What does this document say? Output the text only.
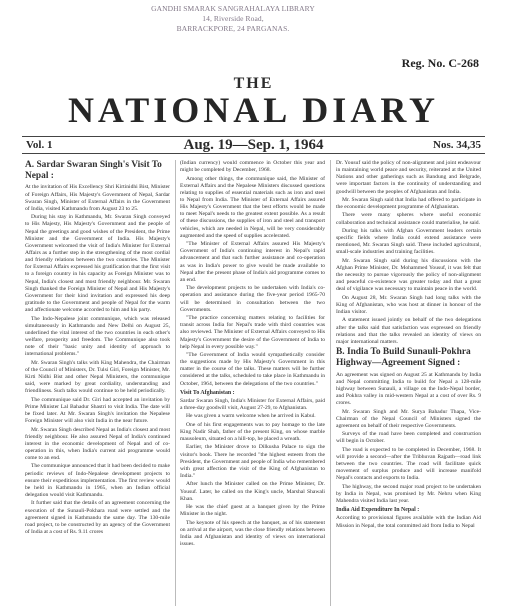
GANDHI SMARAK SANGRAHALAYA LIBRARY
14, Riverside Road,
BARRACKPORE, 24 PARGANAS.
Reg. No. C-268
THE
NATIONAL DIARY
Vol. 1	Aug. 19—Sep. 1, 1964	Nos. 34,35
A. Sardar Swaran Singh's Visit To Nepal :

At the invitation of His Excellency Shri Kirtinidhi Bist, Minister of Foreign Affairs, His Majesty's Government of Nepal, Sardar Swaran Singh, Minister of External Affairs in the Government of India, visited Kathmandu from August 23 to 25.

During his stay in Kathmandu, Mr. Swaran Singh conveyed to His Majesty, His Majesty's Government and the people of Nepal the greetings and good wishes of the President, the Prime Minister and the Government of India. His Majesty's Government welcomed the visit of India's Minister for External Affairs as a further step in the strengthening of the most cordial and friendly relations between the two countries. The Minister for External Affairs expressed his gratification that the first visit to a foreign country in his capacity as Foreign Minister was to Nepal, India's closest and most friendly neighbour. Mr. Swaran Singh thanked the Foreign Minister of Nepal and His Majesty's Government for their kind invitation and expressed his deep gratitude to the Government and people of Nepal for the warm and affectionate welcome accorded to him and his party.

The Indo-Nepalese joint communique, which was released simultaneously in Kathmandu and New Delhi on August 25, underlined the vital interest of the two countries in each other's welfare, prosperity and freedom. The Communique also took note of their "basic unity and identity of approach to international problems."

Mr. Swaran Singh's talks with King Mahendra, the Chairman of the Council of Ministers, Dr. Tulsi Giri, Foreign Minister, Mr. Kirti Nidhi Bist and other Nepal Ministers, the communique said, were marked by great cordiality, understanding and friendliness. Such talks would continue to be held periodically.

The communique said Dr. Giri had accepted an invitation by Prime Minister Lal Bahadur Shastri to visit India. The date will be fixed later. At Mr. Swaran Singh's invitation the Nepalese Foreign Minister will also visit India in the near future.

Mr. Swaran Singh described Nepal as India's closest and most friendly neighbour. He also assured Nepal of India's continued interest in the economic development of Nepal and of co-operation in this, when India's current aid programme would come to an end.

The communique announced that it had been decided to make periodic reviews of Indo-Nepalese development projects to ensure their expeditious implementation. The first review would be held in Kathmandu in 1965, when an Indian official delegation would visit Kathmandu.

It further said that the details of an agreement concerning the execution of the Sunauli-Pokhara road were settled and the agreement signed in Kathmandu the same day. The 130-mile road project, to be constructed by an agency of the Government of India at a cost of Rs. 9.11 crores

(Indian currency) would commence in October this year and might be completed by December, 1968.

Among other things, the communique said, the Minister of External Affairs and the Nepalese Ministers discussed questions relating to supplies of essential materials such as iron and steel to Nepal from India. The Minister of External Affairs assured His Majesty's Government that the best efforts would be made to meet Nepal's needs to the greatest extent possible. As a result of these discussions, the supplies of iron and steel and transport vehicles, which are needed in Nepal, will be very considerably augmented and the speed of supplies accelerated.

"The Minister of External Affairs assured His Majesty's Government of India's continuing interest in Nepal's rapid advancement and that such further assistance and co-operation as was in India's power to give would be made available to Nepal after the present phase of India's aid programme comes to an end.

The development projects to be undertaken with India's co-operation and assistance during the five-year period 1965-70 will be determined in consultation between the two Governments.

"The practice concerning matters relating to facilities for transit across India for Nepal's trade with third countries was also reviewed. The Minister of External Affairs conveyed to His Majesty's Government the desire of the Government of India to help Nepal in every possible way."

"The Government of India would sympathetically consider the suggestions made by His Majesty's Government in this matter in the course of the talks. These matters will be further considered at the talks, scheduled to take place in Kathmandu in October, 1964, between the delegations of the two countries."

Visit To Afghanistan :

Sardar Swaran Singh, India's Minister for External Affairs, paid a three-day goodwill visit, August 27-29, to Afghanistan.

He was given a warm welcome when he arrived in Kabul.

One of his first engagements was to pay homage to the late King Nadir Shah, father of the present King, on whose marble mausoleum, situated on a hill-top, he placed a wreath.

Earlier, the Minister drove to Dilkusha Palace to sign the visitor's book. There he recorded "the highest esteem from the President, the Government and people of India who remembered with great affection the visit of the King of Afghanistan to India."

After lunch the Minister called on the Prime Minister, Dr. Yousuf. Later, he called on the King's uncle, Marshal Shawali Khan.

He was the chief guest at a banquet given by the Prime Minister in the night.

The keynote of his speech at the banquet, as of his statement on arrival at the airport, was the close friendly relations between India and Afghanistan and identity of views on international issues.

Dr. Yousuf said the policy of non-alignment and joint endeavour in maintaining world peace and security, reiterated at the United Nations and other gatherings such as Bandung and Belgrade, were important factors in the continuity of understanding and goodwill between the peoples of Afghanistan and India.

Mr. Swaran Singh said that India had offered to participate in the economic development programme of Afghanistan.

There were many spheres where useful economic collaboration and technical assistance could materialise, he said.

During his talks with Afghan Government leaders certain specific fields where India could extend assistance were mentioned, Mr. Swaran Singh said. These included agricultural, small-scale industries and training facilities.

Mr. Swaran Singh said during his discussions with the Afghan Prime Minister, Dr. Mohammed Yousuf, it was felt that the necessity to pursue vigorously the policy of non-alignment and peaceful co-existence was greater today and that a great deal of vigilance was necessary to maintain peace in the world.

On August 28, Mr. Swaran Singh had long talks with the King of Afghanistan, who was host at dinner in honour of the Indian visitor.

A statement issued jointly on behalf of the two delegations after the talks said that satisfaction was expressed on friendly relations and that the talks revealed an identity of views on major international matters.

B. India To Build Sunauli-Pokhra Highway—Agreement Signed :

An agreement was signed on August 25 at Kathmandu by India and Nepal committing India to build for Nepal a 128-mile highway between Sunauli, a village on the Indo-Nepal border, and Pokhra valley in mid-western Nepal at a cost of over Rs. 9 crores.

Mr. Swaran Singh and Mr. Surya Bahadur Thapa, Vice-Chairman of the Nepal Council of Ministers signed the agreement on behalf of their respective Governments.

Surveys of the road have been completed and construction will begin in October.

The road is expected to be completed in December, 1968. It will provide a second—after the Tribhuvan Rajpath—road link between the two countries. The road will facilitate quick movement of surplus produce and will increase manifold Nepal's contacts and exports to India.

The highway, the second major road project to be undertaken by India in Nepal, was promised by Mr. Nehru when King Mahendra visited India last year.

India Aid Expenditure In Nepal :

According to provisional figures available with the Indian Aid Mission in Nepal, the total committed aid from India to Nepal
